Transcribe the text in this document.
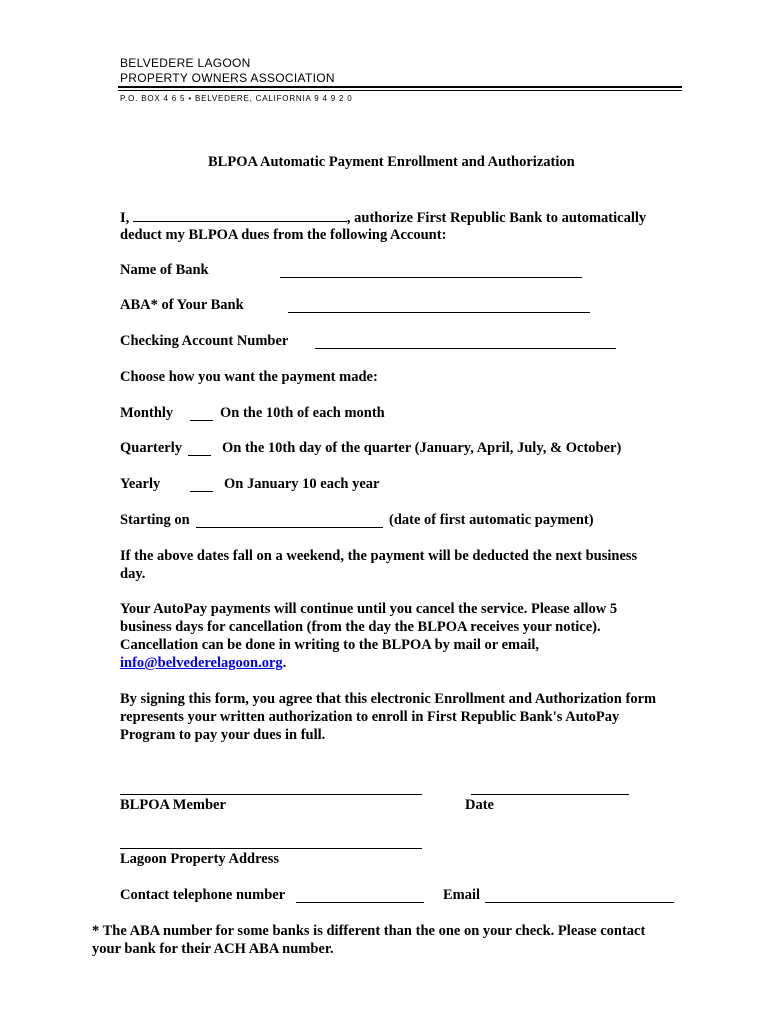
BELVEDERE LAGOON
PROPERTY OWNERS ASSOCIATION
P.O. BOX 4 6 5 • BELVEDERE, CALIFORNIA 9 4 9 2 0
BLPOA Automatic Payment Enrollment and Authorization
I,	, authorize First Republic Bank to automatically
deduct my BLPOA dues from the following Account:
Name of Bank
ABA* of Your Bank
Checking Account Number
Choose how you want the payment made:
Monthly	On the 10th of each month
Quarterly	On the 10th day of the quarter (January, April, July, & October)
Yearly	On January 10 each year
Starting on	(date of first automatic payment)
If the above dates fall on a weekend, the payment will be deducted the next business
day.
Your AutoPay payments will continue until you cancel the service. Please allow 5
business days for cancellation (from the day the BLPOA receives your notice).
Cancellation can be done in writing to the BLPOA by mail or email,
info@belvederelagoon.org.
By signing this form, you agree that this electronic Enrollment and Authorization form
represents your written authorization to enroll in First Republic Bank's AutoPay
Program to pay your dues in full.
BLPOA Member	Date
Lagoon Property Address
Contact telephone number	Email
* The ABA number for some banks is different than the one on your check. Please contact
your bank for their ACH ABA number.
